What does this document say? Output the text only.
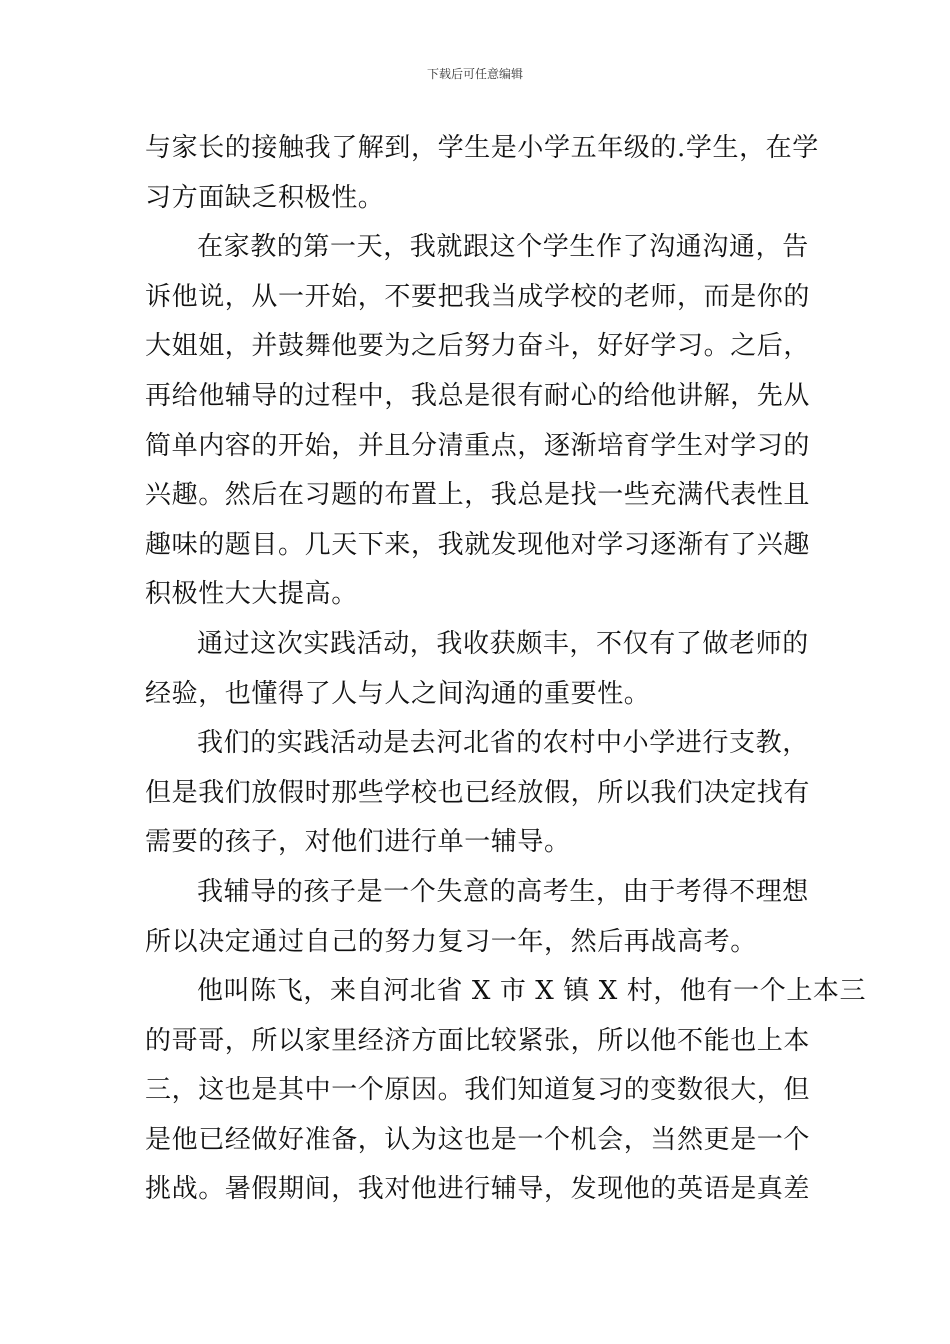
下载后可任意编辑
与家长的接触我了解到，学生是小学五年级的.学生，在学
习方面缺乏积极性。
在家教的第一天，我就跟这个学生作了沟通沟通，告
诉他说，从一开始，不要把我当成学校的老师，而是你的
大姐姐，并鼓舞他要为之后努力奋斗，好好学习。之后，
再给他辅导的过程中，我总是很有耐心的给他讲解，先从
简单内容的开始，并且分清重点，逐渐培育学生对学习的
兴趣。然后在习题的布置上，我总是找一些充满代表性且
趣味的题目。几天下来，我就发现他对学习逐渐有了兴趣
积极性大大提高。
通过这次实践活动，我收获颇丰，不仅有了做老师的
经验，也懂得了人与人之间沟通的重要性。
我们的实践活动是去河北省的农村中小学进行支教，
但是我们放假时那些学校也已经放假，所以我们决定找有
需要的孩子，对他们进行单一辅导。
我辅导的孩子是一个失意的高考生，由于考得不理想
所以决定通过自己的努力复习一年，然后再战高考。
他叫陈飞，来自河北省 X 市 X 镇 X 村，他有一个上本三
的哥哥，所以家里经济方面比较紧张，所以他不能也上本
三，这也是其中一个原因。我们知道复习的变数很大，但
是他已经做好准备，认为这也是一个机会，当然更是一个
挑战。暑假期间，我对他进行辅导，发现他的英语是真差
